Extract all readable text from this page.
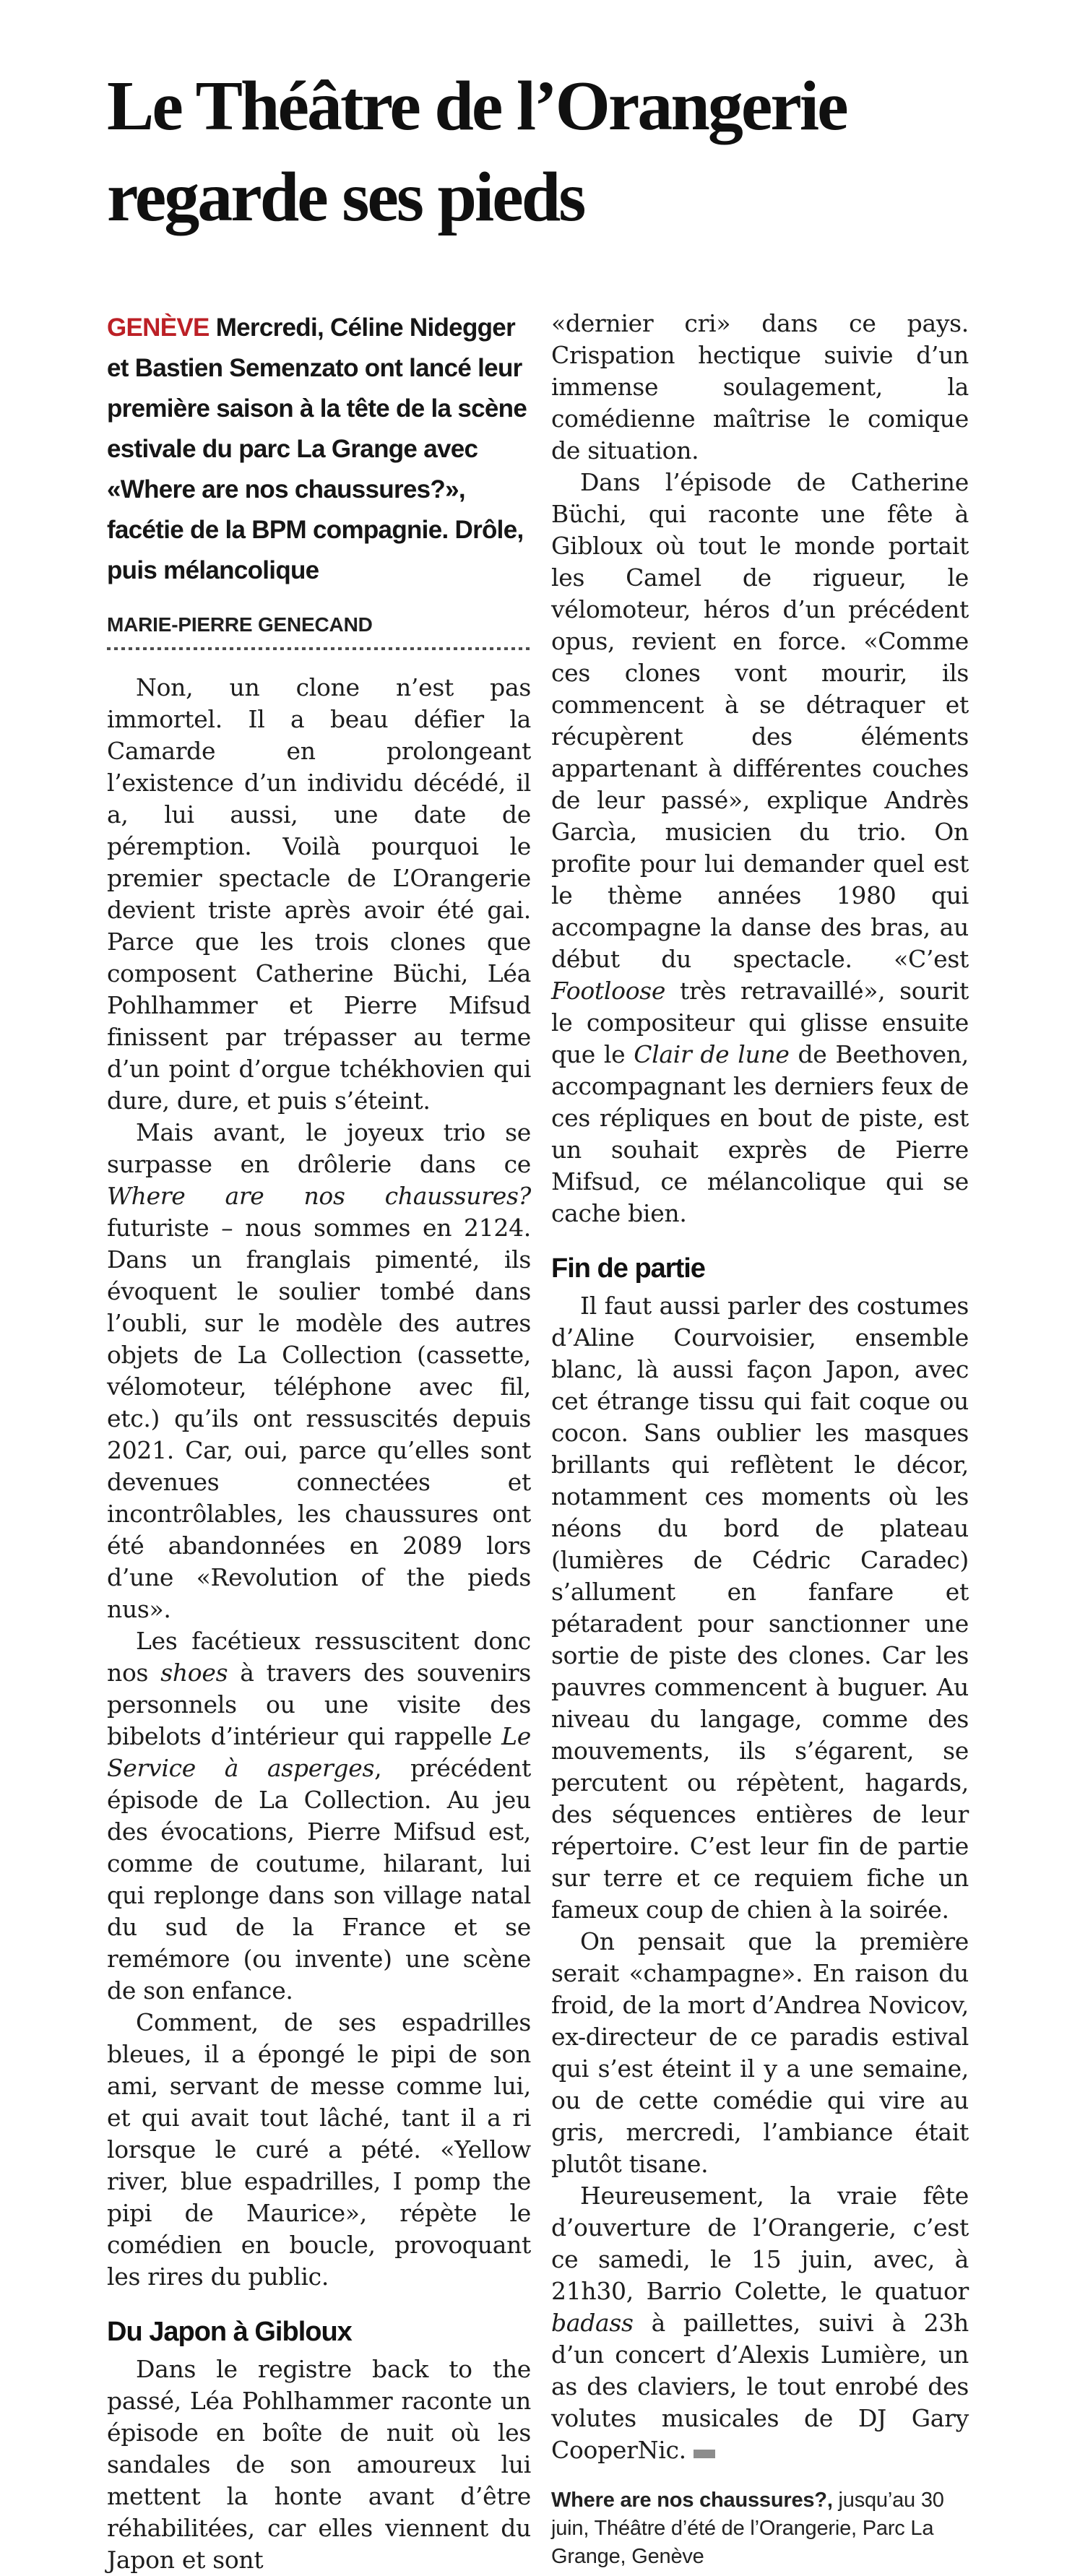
Le Théâtre de l’Orangerie
regarde ses pieds

GENÈVE Mercredi, Céline Nidegger et Bastien Semenzato ont lancé leur première saison à la tête de la scène estivale du parc La Grange avec «Where are nos chaussures?», facétie de la BPM compagnie. Drôle, puis mélancolique

MARIE-PIERRE GENECAND

Non, un clone n’est pas immortel. Il a beau défier la Camarde en prolongeant l’existence d’un individu décédé, il a, lui aussi, une date de péremption. Voilà pourquoi le premier spectacle de L’Orangerie devient triste après avoir été gai. Parce que les trois clones que composent Catherine Büchi, Léa Pohlhammer et Pierre Mifsud finissent par trépasser au terme d’un point d’orgue tchékhovien qui dure, dure, et puis s’éteint.

Mais avant, le joyeux trio se surpasse en drôlerie dans ce Where are nos chaussures? futuriste – nous sommes en 2124. Dans un franglais pimenté, ils évoquent le soulier tombé dans l’oubli, sur le modèle des autres objets de La Collection (cassette, vélomoteur, téléphone avec fil, etc.) qu’ils ont ressuscités depuis 2021. Car, oui, parce qu’elles sont devenues connectées et incontrôlables, les chaussures ont été abandonnées en 2089 lors d’une «Revolution of the pieds nus».

Les facétieux ressuscitent donc nos shoes à travers des souvenirs personnels ou une visite des bibelots d’intérieur qui rappelle Le Service à asperges, précédent épisode de La Collection. Au jeu des évocations, Pierre Mifsud est, comme de coutume, hilarant, lui qui replonge dans son village natal du sud de la France et se remémore (ou invente) une scène de son enfance.

Comment, de ses espadrilles bleues, il a épongé le pipi de son ami, servant de messe comme lui, et qui avait tout lâché, tant il a ri lorsque le curé a pété. «Yellow river, blue espadrilles, I pomp the pipi de Maurice», répète le comédien en boucle, provoquant les rires du public.

Du Japon à Gibloux

Dans le registre back to the passé, Léa Pohlhammer raconte un épisode en boîte de nuit où les sandales de son amoureux lui mettent la honte avant d’être réhabilitées, car elles viennent du Japon et sont

«dernier cri» dans ce pays. Crispation hectique suivie d’un immense soulagement, la comédienne maîtrise le comique de situation.

Dans l’épisode de Catherine Büchi, qui raconte une fête à Gibloux où tout le monde portait les Camel de rigueur, le vélomoteur, héros d’un précédent opus, revient en force. «Comme ces clones vont mourir, ils commencent à se détraquer et récupèrent des éléments appartenant à différentes couches de leur passé», explique Andrès Garcìa, musicien du trio. On profite pour lui demander quel est le thème années 1980 qui accompagne la danse des bras, au début du spectacle. «C’est Footloose très retravaillé», sourit le compositeur qui glisse ensuite que le Clair de lune de Beethoven, accompagnant les derniers feux de ces répliques en bout de piste, est un souhait exprès de Pierre Mifsud, ce mélancolique qui se cache bien.

Fin de partie

Il faut aussi parler des costumes d’Aline Courvoisier, ensemble blanc, là aussi façon Japon, avec cet étrange tissu qui fait coque ou cocon. Sans oublier les masques brillants qui reflètent le décor, notamment ces moments où les néons du bord de plateau (lumières de Cédric Caradec) s’allument en fanfare et pétaradent pour sanctionner une sortie de piste des clones. Car les pauvres commencent à buguer. Au niveau du langage, comme des mouvements, ils s’égarent, se percutent ou répètent, hagards, des séquences entières de leur répertoire. C’est leur fin de partie sur terre et ce requiem fiche un fameux coup de chien à la soirée.

On pensait que la première serait «champagne». En raison du froid, de la mort d’Andrea Novicov, ex-directeur de ce paradis estival qui s’est éteint il y a une semaine, ou de cette comédie qui vire au gris, mercredi, l’ambiance était plutôt tisane.

Heureusement, la vraie fête d’ouverture de l’Orangerie, c’est ce samedi, le 15 juin, avec, à 21h30, Barrio Colette, le quatuor badass à paillettes, suivi à 23h d’un concert d’Alexis Lumière, un as des claviers, le tout enrobé des volutes musicales de DJ Gary CooperNic.

Where are nos chaussures?, jusqu’au 30 juin, Théâtre d’été de l’Orangerie, Parc La Grange, Genève
